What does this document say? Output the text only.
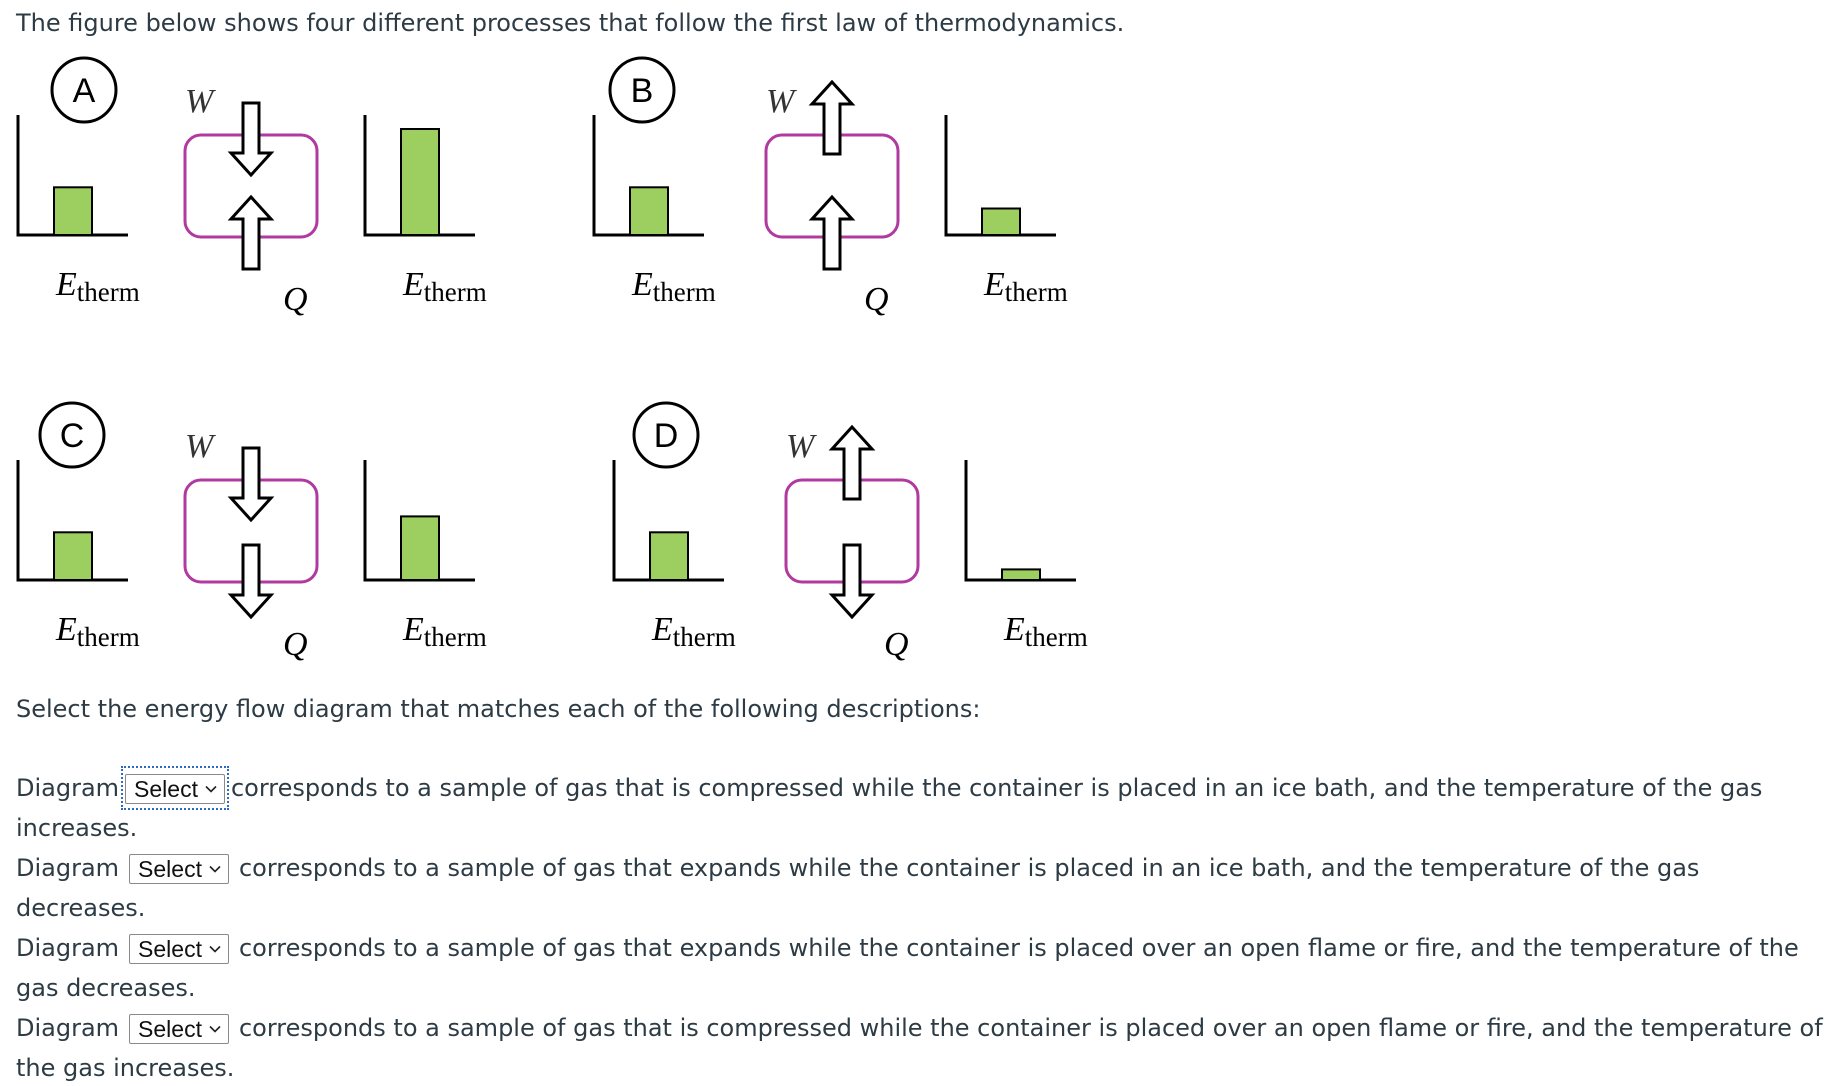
The figure below shows four different processes that follow the first law of thermodynamics.

A
Etherm
W
Q	Etherm
B
Etherm
W
Q	Etherm
C
Etherm
W
Q	Etherm
D
Etherm
W
Q	Etherm

Select the energy flow diagram that matches each of the following descriptions:

Diagram Select corresponds to a sample of gas that is compressed while the container is placed in an ice bath, and the temperature of the gas increases.

Diagram Select corresponds to a sample of gas that expands while the container is placed in an ice bath, and the temperature of the gas decreases.

Diagram Select corresponds to a sample of gas that expands while the container is placed over an open flame or fire, and the temperature of the gas decreases.

Diagram Select corresponds to a sample of gas that is compressed while the container is placed over an open flame or fire, and the temperature of the gas increases.
